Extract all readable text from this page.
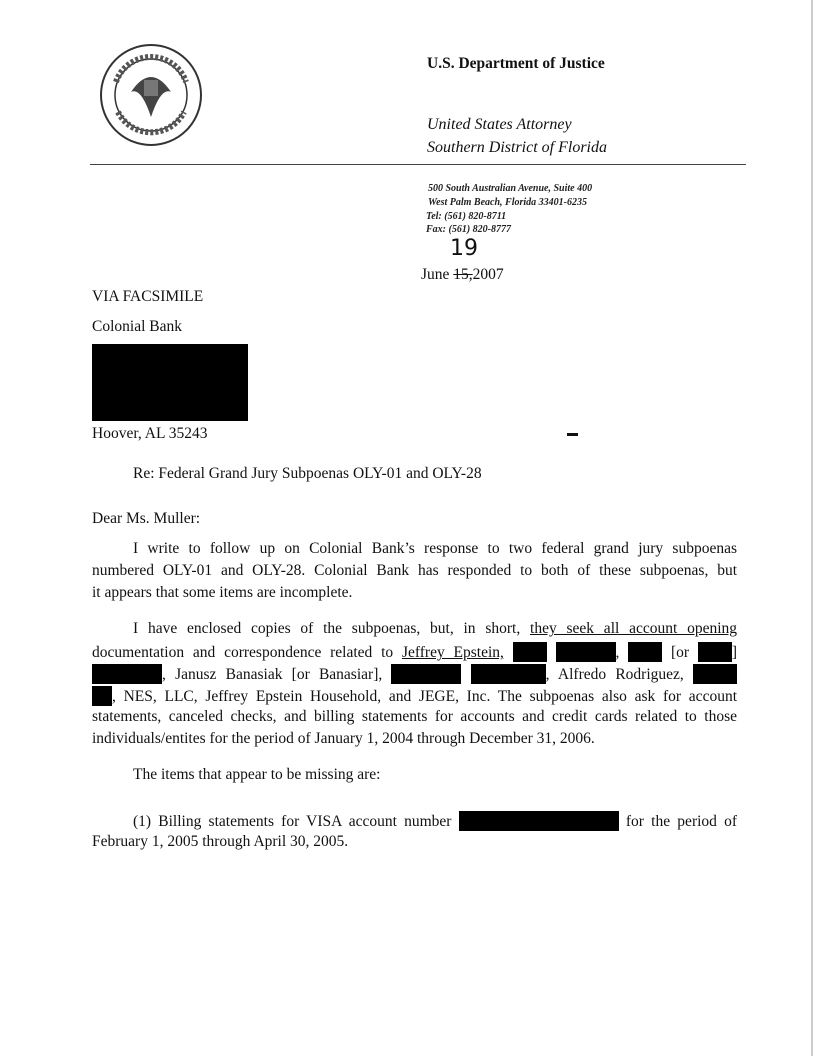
U.S. Department of Justice
United States Attorney
Southern District of Florida
500 South Australian Avenue, Suite 400
West Palm Beach, Florida 33401-6235
Tel: (561) 820-8711
Fax: (561) 820-8777
19
June 15,2007
VIA FACSIMILE
Colonial Bank
Hoover, AL 35243
Re: Federal Grand Jury Subpoenas OLY-01 and OLY-28
Dear Ms. Muller:
I write to follow up on Colonial Bank’s response to two federal grand jury subpoenas
numbered OLY-01 and OLY-28. Colonial Bank has responded to both of these subpoenas, but
it appears that some items are incomplete.
I have enclosed copies of the subpoenas, but, in short, they seek all account opening
documentation and correspondence related to Jeffrey Epstein,	,	[or	]
, Janusz Banasiak [or Banasiar],	, Alfredo Rodriguez,
, NES, LLC, Jeffrey Epstein Household, and JEGE, Inc. The subpoenas also ask for account
statements, canceled checks, and billing statements for accounts and credit cards related to those
individuals/entites for the period of January 1, 2004 through December 31, 2006.
The items that appear to be missing are:
(1) Billing statements for VISA account number	for the period of
February 1, 2005 through April 30, 2005.
